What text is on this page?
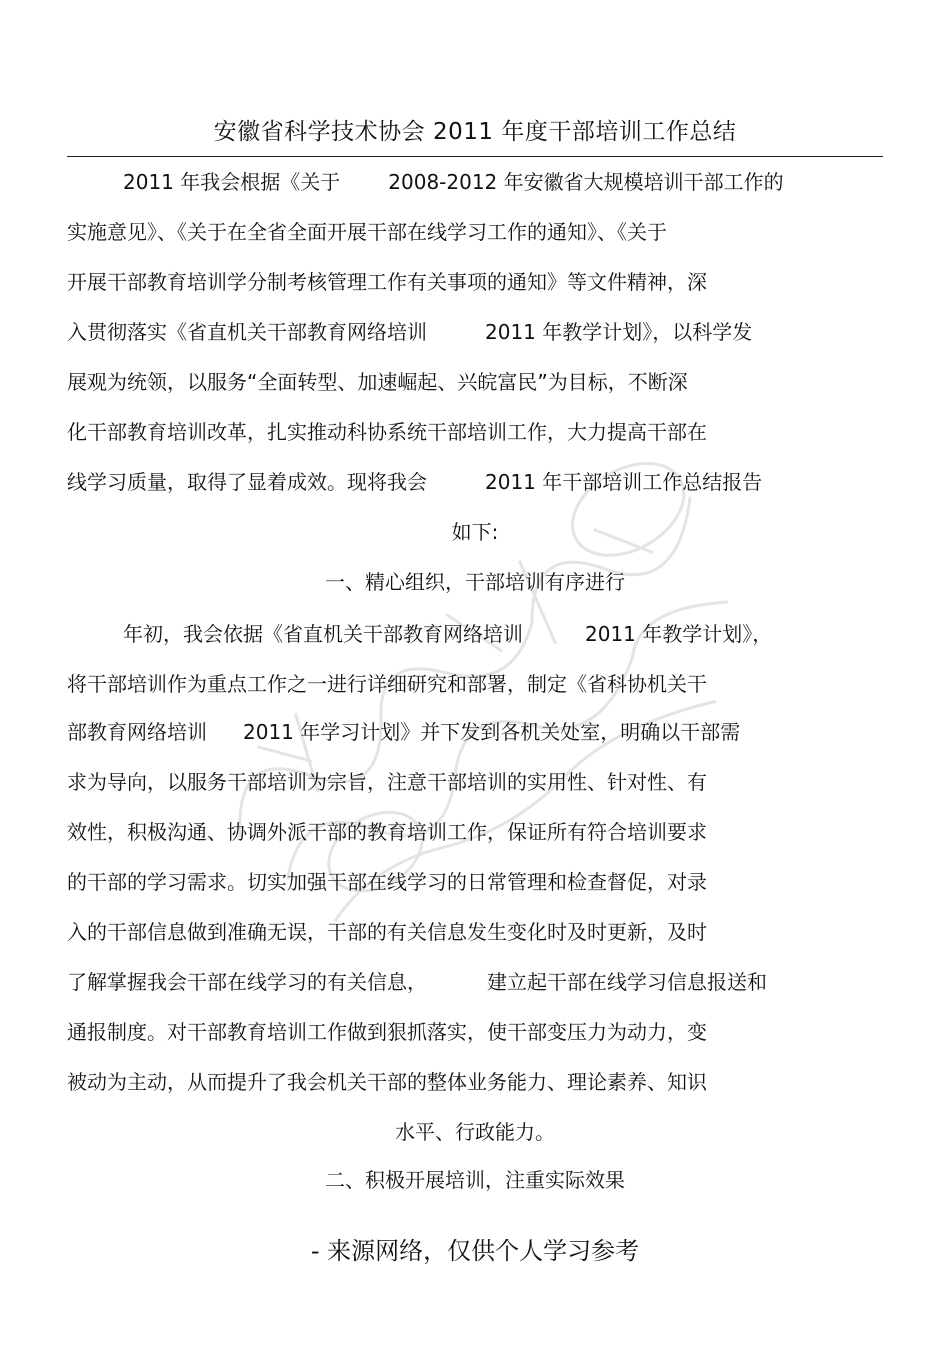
安徽省科学技术协会 2011 年度干部培训工作总结
2011 年我会根据《关于 2008-2012 年安徽省大规模培训干部工作的
实施意见》、《关于在全省全面开展干部在线学习工作的通知》、《关于
开展干部教育培训学分制考核管理工作有关事项的通知》等文件精神，深
入贯彻落实《省直机关干部教育网络培训	2011 年教学计划》，以科学发
展观为统领，以服务“全面转型、加速崛起、兴皖富民”为目标，不断深
化干部教育培训改革，扎实推动科协系统干部培训工作，大力提高干部在
线学习质量，取得了显着成效。现将我会	2011 年干部培训工作总结报告
如下:
一、精心组织，干部培训有序进行
年初，我会依据《省直机关干部教育网络培训	2011 年教学计划》，
将干部培训作为重点工作之一进行详细研究和部署，制定《省科协机关干
部教育网络培训 2011 年学习计划》并下发到各机关处室，明确以干部需
求为导向，以服务干部培训为宗旨，注意干部培训的实用性、针对性、有
效性，积极沟通、协调外派干部的教育培训工作，保证所有符合培训要求
的干部的学习需求。切实加强干部在线学习的日常管理和检查督促，对录
入的干部信息做到准确无误，干部的有关信息发生变化时及时更新，及时
了解掌握我会干部在线学习的有关信息，	建立起干部在线学习信息报送和
通报制度。对干部教育培训工作做到狠抓落实，使干部变压力为动力，变
被动为主动，从而提升了我会机关干部的整体业务能力、理论素养、知识
水平、行政能力。
二、积极开展培训，注重实际效果
- 来源网络，仅供个人学习参考
